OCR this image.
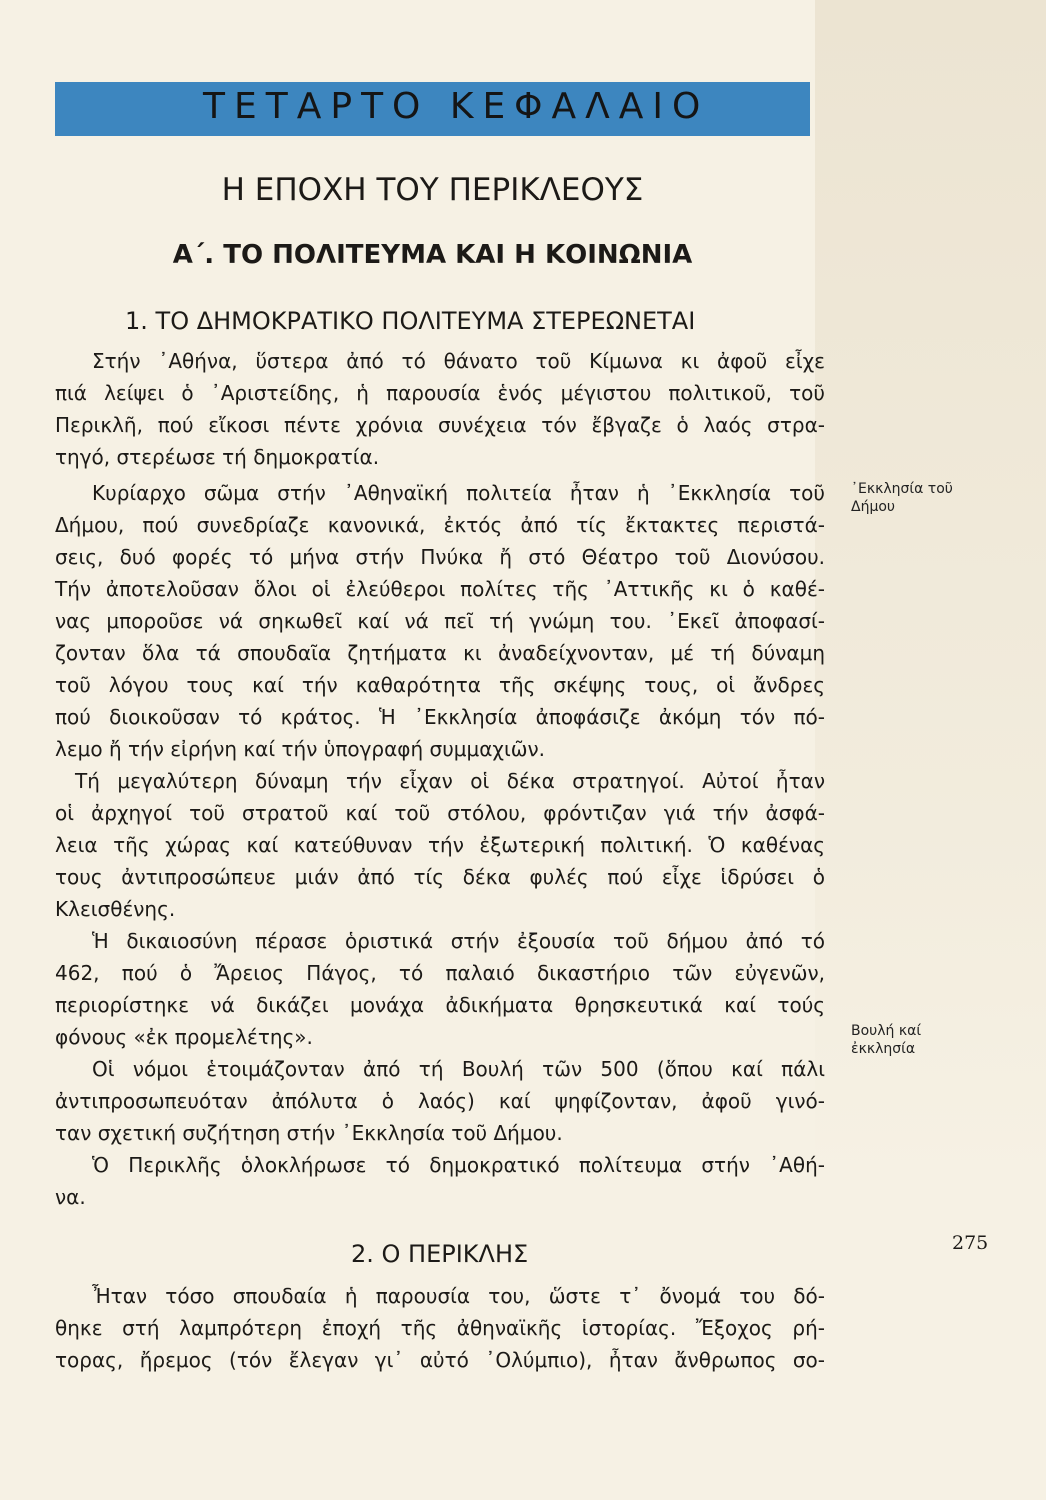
ΤΕΤΑΡΤΟ ΚΕΦΑΛΑΙΟ
Η ΕΠΟΧΗ ΤΟΥ ΠΕΡΙΚΛΕΟΥΣ
Α΄. ΤΟ ΠΟΛΙΤΕΥΜΑ ΚΑΙ Η ΚΟΙΝΩΝΙΑ
1. ΤΟ ΔΗΜΟΚΡΑΤΙΚΟ ΠΟΛΙΤΕΥΜΑ ΣΤΕΡΕΩΝΕΤΑΙ
Στήν ᾿Αθήνα, ὕστερα ἀπό τό θάνατο τοῦ Κίμωνα κι ἀφοῦ εἶχε
πιά λείψει ὁ ᾿Αριστείδης, ἡ παρουσία ἑνός μέγιστου πολιτικοῦ, τοῦ
Περικλῆ, πού εἴκοσι πέντε χρόνια συνέχεια τόν ἔβγαζε ὁ λαός στρα-
τηγό, στερέωσε τή δημοκρατία.
Κυρίαρχο σῶμα στήν ᾿Αθηναϊκή πολιτεία ἦταν ἡ ᾿Εκκλησία τοῦ
Δήμου, πού συνεδρίαζε κανονικά, ἐκτός ἀπό τίς ἔκτακτες περιστά-
σεις, δυό φορές τό μήνα στήν Πνύκα ἤ στό Θέατρο τοῦ Διονύσου.
Τήν ἀποτελοῦσαν ὅλοι οἱ ἐλεύθεροι πολίτες τῆς ᾿Αττικῆς κι ὁ καθέ-
νας μποροῦσε νά σηκωθεῖ καί νά πεῖ τή γνώμη του. ᾿Εκεῖ ἀποφασί-
ζονταν ὅλα τά σπουδαῖα ζητήματα κι ἀναδείχνονταν, μέ τή δύναμη
τοῦ λόγου τους καί τήν καθαρότητα τῆς σκέψης τους, οἱ ἄνδρες
πού διοικοῦσαν τό κράτος. Ἡ ᾿Εκκλησία ἀποφάσιζε ἀκόμη τόν πό-
λεμο ἤ τήν εἰρήνη καί τήν ὑπογραφή συμμαχιῶν.
Τή μεγαλύτερη δύναμη τήν εἶχαν οἱ δέκα στρατηγοί. Αὐτοί ἦταν
οἱ ἀρχηγοί τοῦ στρατοῦ καί τοῦ στόλου, φρόντιζαν γιά τήν ἀσφά-
λεια τῆς χώρας καί κατεύθυναν τήν ἐξωτερική πολιτική. Ὁ καθένας
τους ἀντιπροσώπευε μιάν ἀπό τίς δέκα φυλές πού εἶχε ἱδρύσει ὁ
Κλεισθένης.
Ἡ δικαιοσύνη πέρασε ὁριστικά στήν ἐξουσία τοῦ δήμου ἀπό τό
462, πού ὁ Ἄρειος Πάγος, τό παλαιό δικαστήριο τῶν εὐγενῶν,
περιορίστηκε νά δικάζει μονάχα ἀδικήματα θρησκευτικά καί τούς
φόνους «ἐκ προμελέτης».
Οἱ νόμοι ἑτοιμάζονταν ἀπό τή Βουλή τῶν 500 (ὅπου καί πάλι
ἀντιπροσωπευόταν ἀπόλυτα ὁ λαός) καί ψηφίζονταν, ἀφοῦ γινό-
ταν σχετική συζήτηση στήν ᾿Εκκλησία τοῦ Δήμου.
Ὁ Περικλῆς ὁλοκλήρωσε τό δημοκρατικό πολίτευμα στήν ᾿Αθή-
να.
2. Ο ΠΕΡΙΚΛΗΣ
Ἦταν τόσο σπουδαία ἡ παρουσία του, ὥστε τ᾿ ὄνομά του δό-
θηκε στή λαμπρότερη ἐποχή τῆς ἀθηναϊκῆς ἱστορίας. Ἔξοχος ρή-
τορας, ἤρεμος (τόν ἔλεγαν γι᾿ αὐτό ᾿Ολύμπιο), ἦταν ἄνθρωπος σο-
᾿Εκκλησία τοῦ
Δήμου
Βουλή καί
ἐκκλησία
275
